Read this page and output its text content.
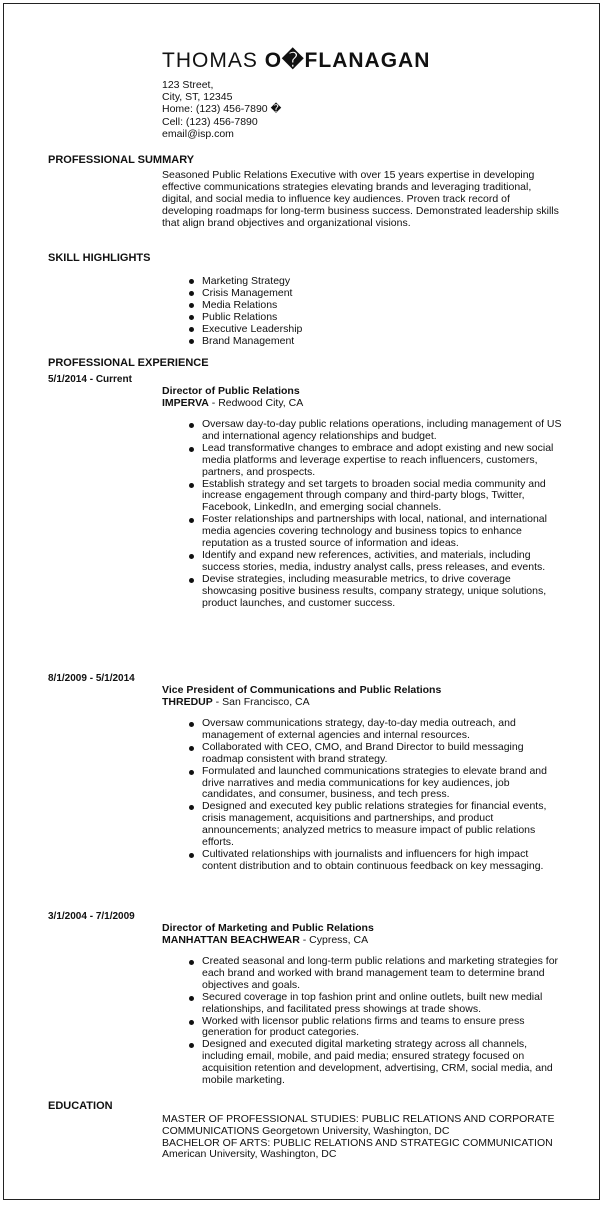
THOMAS O�FLANAGAN
123 Street,
City, ST, 12345
Home: (123) 456-7890 �
Cell: (123) 456-7890
email@isp.com
PROFESSIONAL SUMMARY
Seasoned Public Relations Executive with over 15 years expertise in developing effective communications strategies elevating brands and leveraging traditional, digital, and social media to influence key audiences. Proven track record of developing roadmaps for long-term business success. Demonstrated leadership skills that align brand objectives and organizational visions.
SKILL HIGHLIGHTS
Marketing Strategy
Crisis Management
Media Relations
Public Relations
Executive Leadership
Brand Management
PROFESSIONAL EXPERIENCE
5/1/2014 - Current
Director of Public Relations
IMPERVA - Redwood City, CA
Oversaw day-to-day public relations operations, including management of US and international agency relationships and budget.
Lead transformative changes to embrace and adopt existing and new social media platforms and leverage expertise to reach influencers, customers, partners, and prospects.
Establish strategy and set targets to broaden social media community and increase engagement through company and third-party blogs, Twitter, Facebook, LinkedIn, and emerging social channels.
Foster relationships and partnerships with local, national, and international media agencies covering technology and business topics to enhance reputation as a trusted source of information and ideas.
Identify and expand new references, activities, and materials, including success stories, media, industry analyst calls, press releases, and events.
Devise strategies, including measurable metrics, to drive coverage showcasing positive business results, company strategy, unique solutions, product launches, and customer success.
8/1/2009 - 5/1/2014
Vice President of Communications and Public Relations
THREDUP - San Francisco, CA
Oversaw communications strategy, day-to-day media outreach, and management of external agencies and internal resources.
Collaborated with CEO, CMO, and Brand Director to build messaging roadmap consistent with brand strategy.
Formulated and launched communications strategies to elevate brand and drive narratives and media communications for key audiences, job candidates, and consumer, business, and tech press.
Designed and executed key public relations strategies for financial events, crisis management, acquisitions and partnerships, and product announcements; analyzed metrics to measure impact of public relations efforts.
Cultivated relationships with journalists and influencers for high impact content distribution and to obtain continuous feedback on key messaging.
3/1/2004 - 7/1/2009
Director of Marketing and Public Relations
MANHATTAN BEACHWEAR - Cypress, CA
Created seasonal and long-term public relations and marketing strategies for each brand and worked with brand management team to determine brand objectives and goals.
Secured coverage in top fashion print and online outlets, built new medial relationships, and facilitated press showings at trade shows.
Worked with licensor public relations firms and teams to ensure press generation for product categories.
Designed and executed digital marketing strategy across all channels, including email, mobile, and paid media; ensured strategy focused on acquisition retention and development, advertising, CRM, social media, and mobile marketing.
EDUCATION
MASTER OF PROFESSIONAL STUDIES: PUBLIC RELATIONS AND CORPORATE
COMMUNICATIONS Georgetown University, Washington, DC
BACHELOR OF ARTS: PUBLIC RELATIONS AND STRATEGIC COMMUNICATION
American University, Washington, DC
